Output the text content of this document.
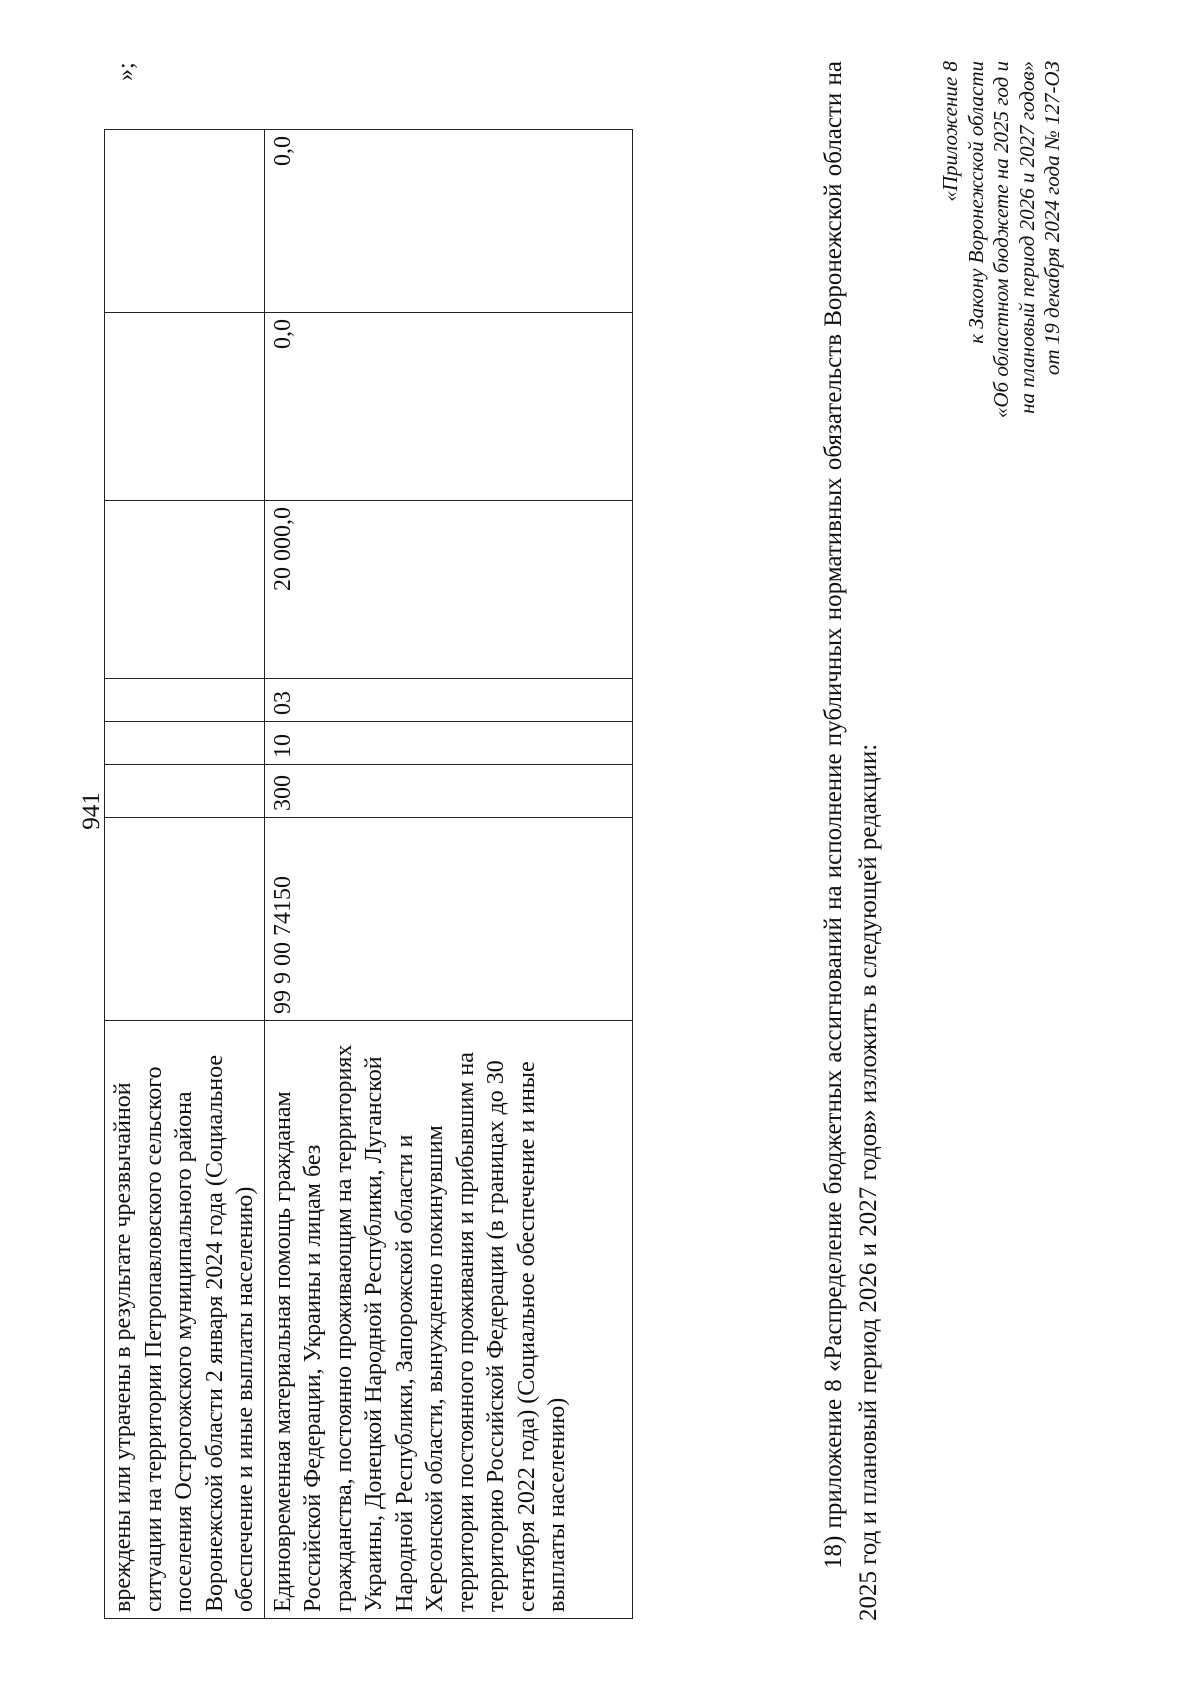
941
вреждены или утрачены в результате чрезвычайной ситуации на территории Петропавловского сельского поселения Острогожского муниципального района Воронежской области 2 января 2024 года (Социальное обеспечение и иные выплаты населению)							
Единовременная материальная помощь гражданам Российской Федерации, Украины и лицам без гражданства, постоянно проживающим на территориях Украины, Донецкой Народной Республики, Луганской Народной Республики, Запорожской области и Херсонской области, вынужденно покинувшим территории постоянного проживания и прибывшим на территорию Российской Федерации (в границах до 30 сентября 2022 года) (Социальное обеспечение и иные выплаты населению)	99 9 00 74150	300	10	03	20 000,0	0,0	0,0
»;	18) приложение 8 «Распределение бюджетных ассигнований на исполнение публичных нормативных обязательств Воронежской области на 2025 год и плановый период 2026 и 2027 годов» изложить в следующей редакции:
«Приложение 8 к Закону Воронежской области «Об областном бюджете на 2025 год и на плановый период 2026 и 2027 годов» от 19 декабря 2024 года № 127-ОЗ
